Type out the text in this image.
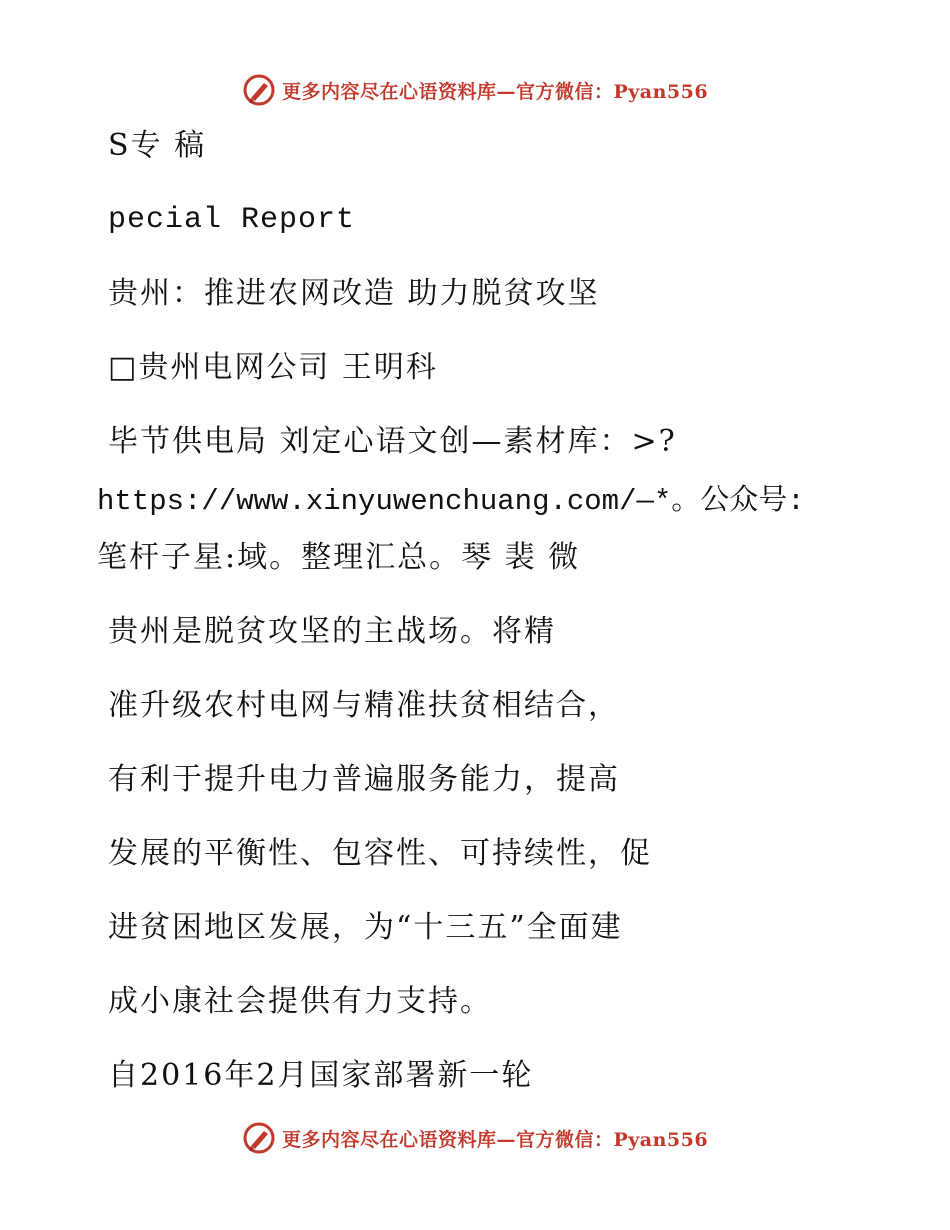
更多内容尽在心语资料库—官方微信：Pyan556
S专 稿
pecial Report
贵州：推进农网改造 助力脱贫攻坚
□贵州电网公司 王明科
毕节供电局 刘定心语文创—素材库：>?
https://www.xinyuwenchuang.com/—*。公众号:
笔杆子星:域。整理汇总。琴 裴 微
贵州是脱贫攻坚的主战场。将精
准升级农村电网与精准扶贫相结合，
有利于提升电力普遍服务能力，提高
发展的平衡性、包容性、可持续性，促
进贫困地区发展，为“十三五”全面建
成小康社会提供有力支持。
自2016年2月国家部署新一轮
更多内容尽在心语资料库—官方微信：Pyan556
